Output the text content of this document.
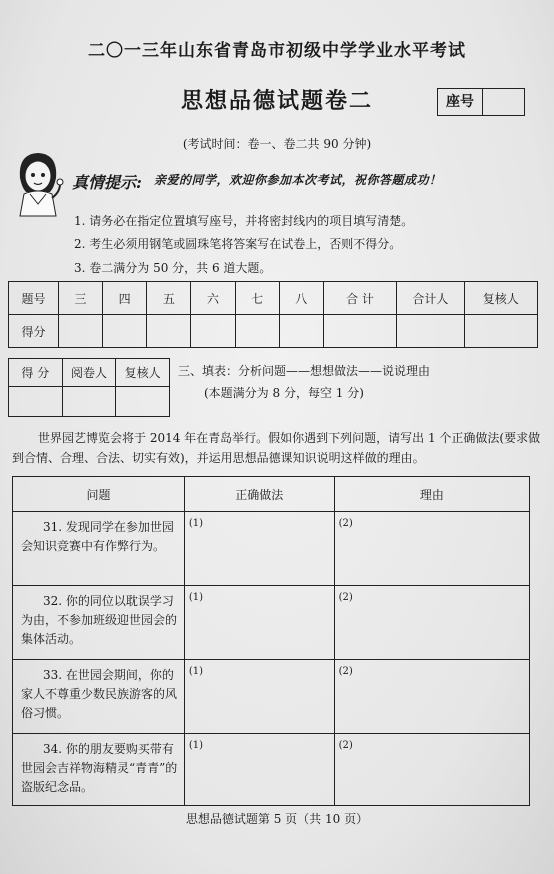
二〇一三年山东省青岛市初级中学学业水平考试
思想品德试题卷二	座号
(考试时间：卷一、卷二共 90 分钟)
真情提示: 亲爱的同学，欢迎你参加本次考试，祝你答题成功！
1. 请务必在指定位置填写座号，并将密封线内的项目填写清楚。
2. 考生必须用钢笔或圆珠笔将答案写在试卷上，否则不得分。
3. 卷二满分为 50 分，共 6 道大题。
题号	三	四	五	六	七	八	合 计	合计人	复核人
得分									
得 分	阅卷人	复核人
		三、填表：分析问题——想想做法——说说理由
(本题满分为 8 分，每空 1 分)
世界园艺博览会将于 2014 年在青岛举行。假如你遇到下列问题，请写出 1 个正确做法(要求做到合情、合理、合法、切实有效)，并运用思想品德课知识说明这样做的理由。
问题	正确做法	理由
31. 发现同学在参加世园会知识竞赛中有作弊行为。	(1)	(2)
32. 你的同位以耽误学习为由，不参加班级迎世园会的集体活动。	(1)	(2)
33. 在世园会期间，你的家人不尊重少数民族游客的风俗习惯。	(1)	(2)
34. 你的朋友要购买带有世园会吉祥物海精灵“青青”的盗版纪念品。	(1)	(2)
思想品德试题第 5 页（共 10 页）
